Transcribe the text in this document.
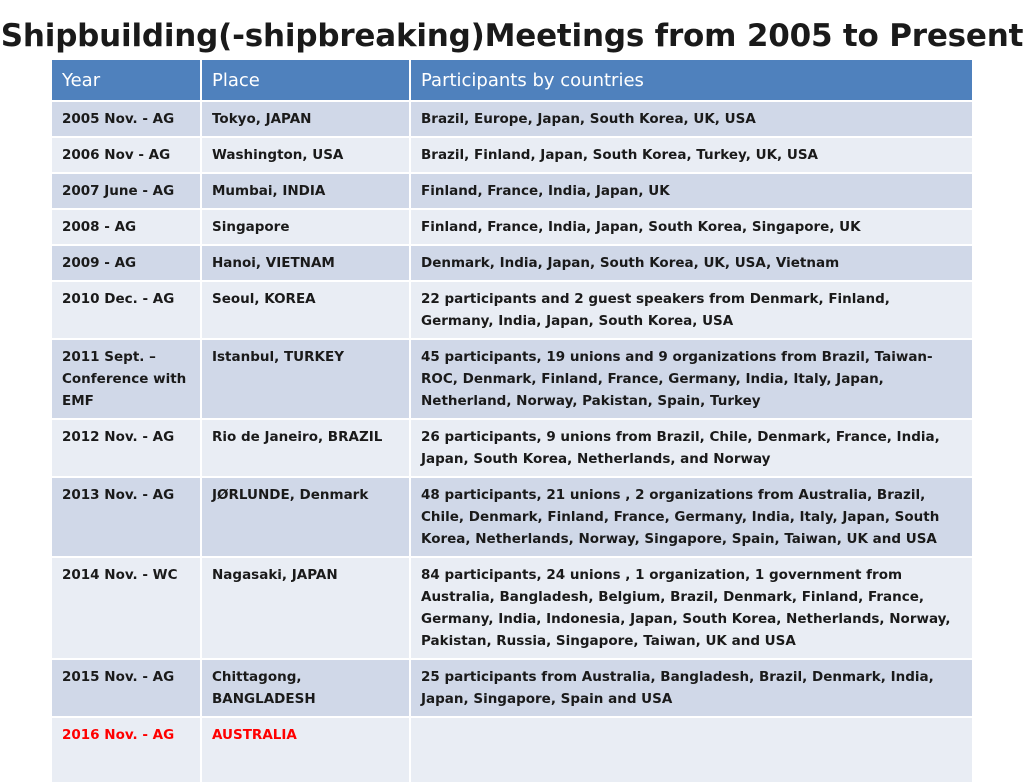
Shipbuilding(-shipbreaking)Meetings from 2005 to Present
Year	Place	Participants by countries
2005 Nov. - AG	Tokyo, JAPAN	Brazil, Europe, Japan, South Korea, UK, USA
2006 Nov - AG	Washington, USA	Brazil, Finland, Japan, South Korea, Turkey, UK, USA
2007 June - AG	Mumbai, INDIA	Finland, France, India, Japan, UK
2008 - AG	Singapore	Finland, France, India, Japan, South Korea, Singapore, UK
2009 - AG	Hanoi, VIETNAM	Denmark, India, Japan, South Korea, UK, USA, Vietnam
2010 Dec. - AG	Seoul, KOREA	22 participants and 2 guest speakers from Denmark, Finland, Germany, India, Japan, South Korea, USA
2011 Sept. – Conference with EMF	Istanbul, TURKEY	45 participants, 19 unions and 9 organizations from Brazil, Taiwan-ROC, Denmark, Finland, France, Germany, India, Italy, Japan, Netherland, Norway, Pakistan, Spain, Turkey
2012 Nov. - AG	Rio de Janeiro, BRAZIL	26 participants, 9 unions from Brazil, Chile, Denmark, France, India, Japan, South Korea, Netherlands, and Norway
2013 Nov. - AG	JØRLUNDE, Denmark	48 participants, 21 unions , 2 organizations from Australia, Brazil, Chile, Denmark, Finland, France, Germany, India, Italy, Japan, South Korea, Netherlands, Norway, Singapore, Spain, Taiwan, UK and USA
2014 Nov. - WC	Nagasaki, JAPAN	84 participants, 24 unions , 1 organization, 1 government from Australia, Bangladesh, Belgium, Brazil, Denmark, Finland, France, Germany, India, Indonesia, Japan, South Korea, Netherlands, Norway, Pakistan, Russia, Singapore, Taiwan, UK and USA
2015 Nov. - AG	Chittagong, BANGLADESH	25 participants from Australia, Bangladesh, Brazil, Denmark, India, Japan, Singapore, Spain and USA
2016 Nov. - AG	AUSTRALIA	
